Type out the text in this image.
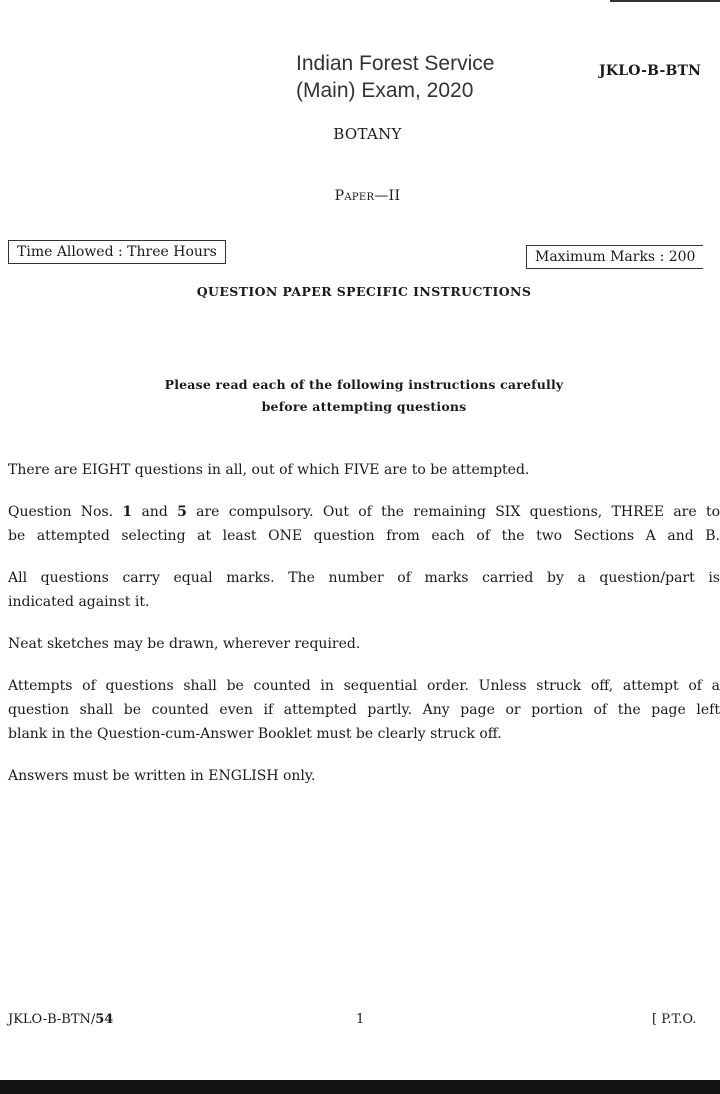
Indian Forest Service
(Main) Exam, 2020
JKLO-B-BTN
BOTANY
Paper—II
Time Allowed : Three Hours	Maximum Marks : 200
QUESTION PAPER SPECIFIC INSTRUCTIONS
Please read each of the following instructions carefully
before attempting questions

There are EIGHT questions in all, out of which FIVE are to be attempted.

Question Nos. 1 and 5 are compulsory. Out of the remaining SIX questions, THREE are to
be attempted selecting at least ONE question from each of the two Sections A and B.

All questions carry equal marks. The number of marks carried by a question/part is
indicated against it.

Neat sketches may be drawn, wherever required.

Attempts of questions shall be counted in sequential order. Unless struck off, attempt of a
question shall be counted even if attempted partly. Any page or portion of the page left
blank in the Question-cum-Answer Booklet must be clearly struck off.

Answers must be written in ENGLISH only.

JKLO-B-BTN/54	1	[ P.T.O.
